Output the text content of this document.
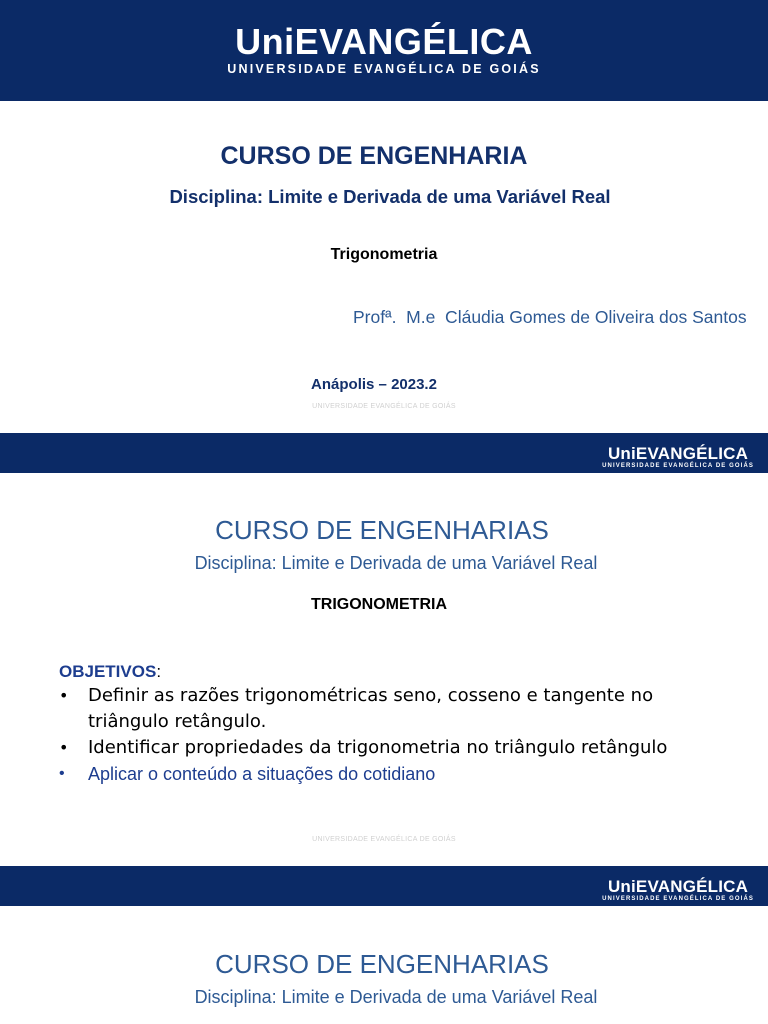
UniEVANGÉLICA
UNIVERSIDADE EVANGÉLICA DE GOIÁS
CURSO DE ENGENHARIA
Disciplina: Limite e Derivada de uma Variável Real
Trigonometria
Profª.  M.e  Cláudia Gomes de Oliveira dos Santos
Anápolis – 2023.2
UNIVERSIDADE EVANGÉLICA DE GOIÁS
UniEVANGÉLICA
UNIVERSIDADE EVANGÉLICA DE GOIÁS
CURSO DE ENGENHARIAS
Disciplina: Limite e Derivada de uma Variável Real
TRIGONOMETRIA
OBJETIVOS:
• Definir as razões trigonométricas seno, cosseno e tangente no triângulo retângulo.
• Identificar propriedades da trigonometria no triângulo retângulo
• Aplicar o conteúdo a situações do cotidiano
UNIVERSIDADE EVANGÉLICA DE GOIÁS
UniEVANGÉLICA
UNIVERSIDADE EVANGÉLICA DE GOIÁS
CURSO DE ENGENHARIAS
Disciplina: Limite e Derivada de uma Variável Real
